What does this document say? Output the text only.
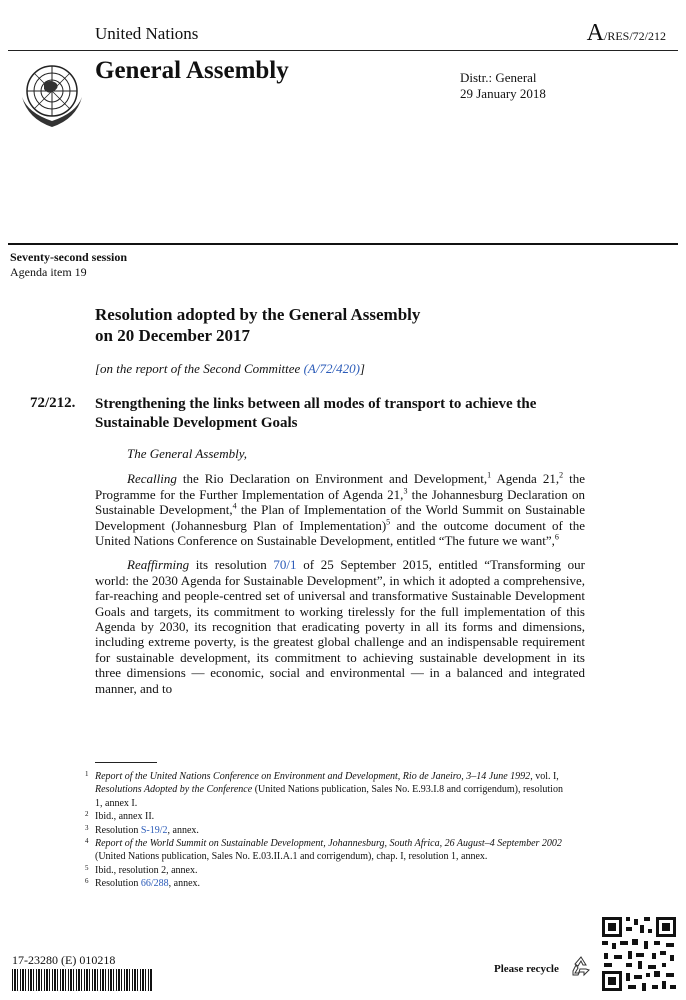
United Nations	A/RES/72/212
General Assembly	Distr.: General
29 January 2018
Seventy-second session
Agenda item 19
Resolution adopted by the General Assembly
on 20 December 2017
[on the report of the Second Committee (A/72/420)]
72/212. Strengthening the links between all modes of transport to achieve the Sustainable Development Goals

The General Assembly,

Recalling the Rio Declaration on Environment and Development,$^1$ Agenda 21,$^2$ the Programme for the Further Implementation of Agenda 21,$^3$ the Johannesburg Declaration on Sustainable Development,$^4$ the Plan of Implementation of the World Summit on Sustainable Development (Johannesburg Plan of Implementation)$^5$ and the outcome document of the United Nations Conference on Sustainable Development, entitled “The future we want”,$^6$

Reaffirming its resolution 70/1 of 25 September 2015, entitled “Transforming our world: the 2030 Agenda for Sustainable Development”, in which it adopted a comprehensive, far-reaching and people-centred set of universal and transformative Sustainable Development Goals and targets, its commitment to working tirelessly for the full implementation of this Agenda by 2030, its recognition that eradicating poverty in all its forms and dimensions, including extreme poverty, is the greatest global challenge and an indispensable requirement for sustainable development, its commitment to achieving sustainable development in its three dimensions — economic, social and environmental — in a balanced and integrated manner, and to

1 Report of the United Nations Conference on Environment and Development, Rio de Janeiro, 3–14 June 1992, vol. I, Resolutions Adopted by the Conference (United Nations publication, Sales No. E.93.I.8 and corrigendum), resolution 1, annex I.
2 Ibid., annex II.
3 Resolution S-19/2, annex.
4 Report of the World Summit on Sustainable Development, Johannesburg, South Africa, 26 August–4 September 2002 (United Nations publication, Sales No. E.03.II.A.1 and corrigendum), chap. I, resolution 1, annex.
5 Ibid., resolution 2, annex.
6 Resolution 66/288, annex.
17-23280 (E) 010218
Please recycle
